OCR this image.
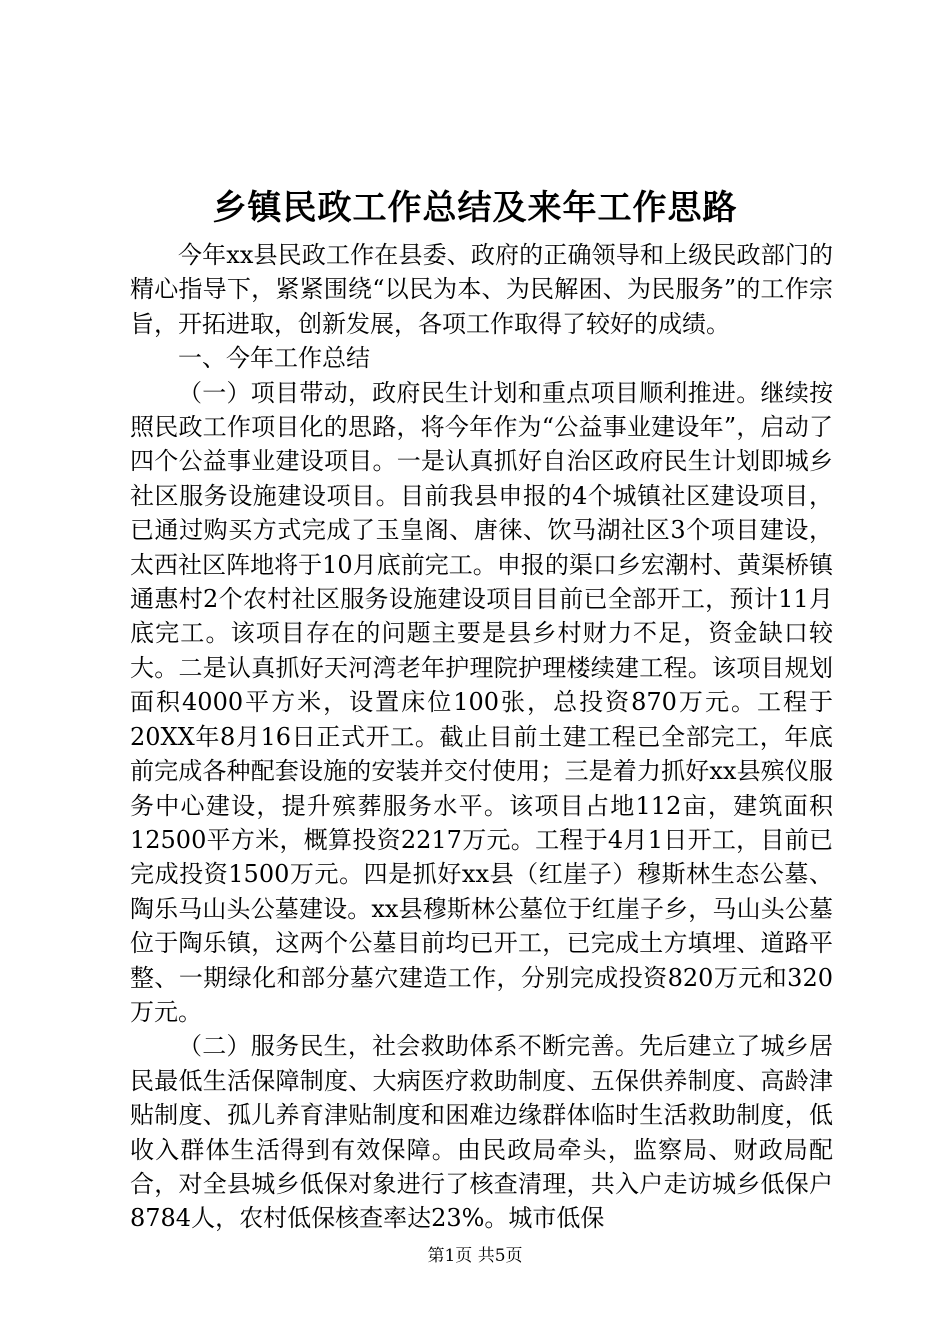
乡镇民政工作总结及来年工作思路

今年xx县民政工作在县委、政府的正确领导和上级民政部门的精心指导下，紧紧围绕“以民为本、为民解困、为民服务”的工作宗旨，开拓进取，创新发展，各项工作取得了较好的成绩。

一、今年工作总结

（一）项目带动，政府民生计划和重点项目顺利推进。继续按照民政工作项目化的思路，将今年作为“公益事业建设年”，启动了四个公益事业建设项目。一是认真抓好自治区政府民生计划即城乡社区服务设施建设项目。目前我县申报的4个城镇社区建设项目，已通过购买方式完成了玉皇阁、唐徕、饮马湖社区3个项目建设，太西社区阵地将于10月底前完工。申报的渠口乡宏潮村、黄渠桥镇通惠村2个农村社区服务设施建设项目目前已全部开工，预计11月底完工。该项目存在的问题主要是县乡村财力不足，资金缺口较大。二是认真抓好天河湾老年护理院护理楼续建工程。该项目规划面积4000平方米，设置床位100张，总投资870万元。工程于20XX年8月16日正式开工。截止目前土建工程已全部完工，年底前完成各种配套设施的安装并交付使用；三是着力抓好xx县殡仪服务中心建设，提升殡葬服务水平。该项目占地112亩，建筑面积12500平方米，概算投资2217万元。工程于4月1日开工，目前已完成投资1500万元。四是抓好xx县（红崖子）穆斯林生态公墓、陶乐马山头公墓建设。xx县穆斯林公墓位于红崖子乡，马山头公墓位于陶乐镇，这两个公墓目前均已开工，已完成土方填埋、道路平整、一期绿化和部分墓穴建造工作，分别完成投资820万元和320万元。

（二）服务民生，社会救助体系不断完善。先后建立了城乡居民最低生活保障制度、大病医疗救助制度、五保供养制度、高龄津贴制度、孤儿养育津贴制度和困难边缘群体临时生活救助制度，低收入群体生活得到有效保障。由民政局牵头，监察局、财政局配合，对全县城乡低保对象进行了核查清理，共入户走访城乡低保户8784人，农村低保核查率达23%。城市低保

第1页 共5页
